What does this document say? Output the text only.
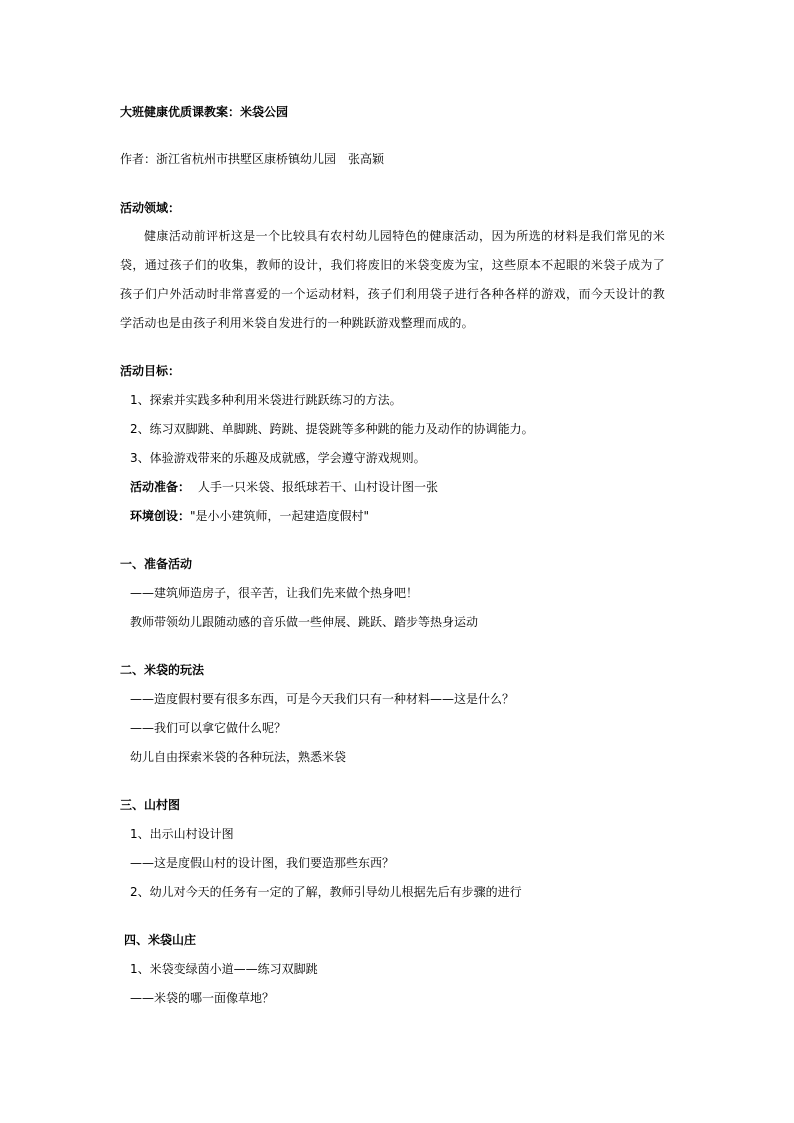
大班健康优质课教案：米袋公园
作者：浙江省杭州市拱墅区康桥镇幼儿园　张高颖
活动领域：
健康活动前评析这是一个比较具有农村幼儿园特色的健康活动，因为所选的材料是我们常见的米袋，通过孩子们的收集，教师的设计，我们将废旧的米袋变废为宝，这些原本不起眼的米袋子成为了孩子们户外活动时非常喜爱的一个运动材料，孩子们利用袋子进行各种各样的游戏，而今天设计的教学活动也是由孩子利用米袋自发进行的一种跳跃游戏整理而成的。
活动目标：
1、探索并实践多种利用米袋进行跳跃练习的方法。
2、练习双脚跳、单脚跳、跨跳、提袋跳等多种跳的能力及动作的协调能力。
3、体验游戏带来的乐趣及成就感，学会遵守游戏规则。
活动准备： 人手一只米袋、报纸球若干、山村设计图一张
环境创设："是小小建筑师，一起建造度假村"
一、准备活动
——建筑师造房子，很辛苦，让我们先来做个热身吧！
教师带领幼儿跟随动感的音乐做一些伸展、跳跃、踏步等热身运动
二、米袋的玩法
——造度假村要有很多东西，可是今天我们只有一种材料——这是什么？
——我们可以拿它做什么呢？
幼儿自由探索米袋的各种玩法，熟悉米袋
三、山村图
1、出示山村设计图
——这是度假山村的设计图，我们要造那些东西？
2、幼儿对今天的任务有一定的了解，教师引导幼儿根据先后有步骤的进行
四、米袋山庄
1、米袋变绿茵小道——练习双脚跳
——米袋的哪一面像草地？
